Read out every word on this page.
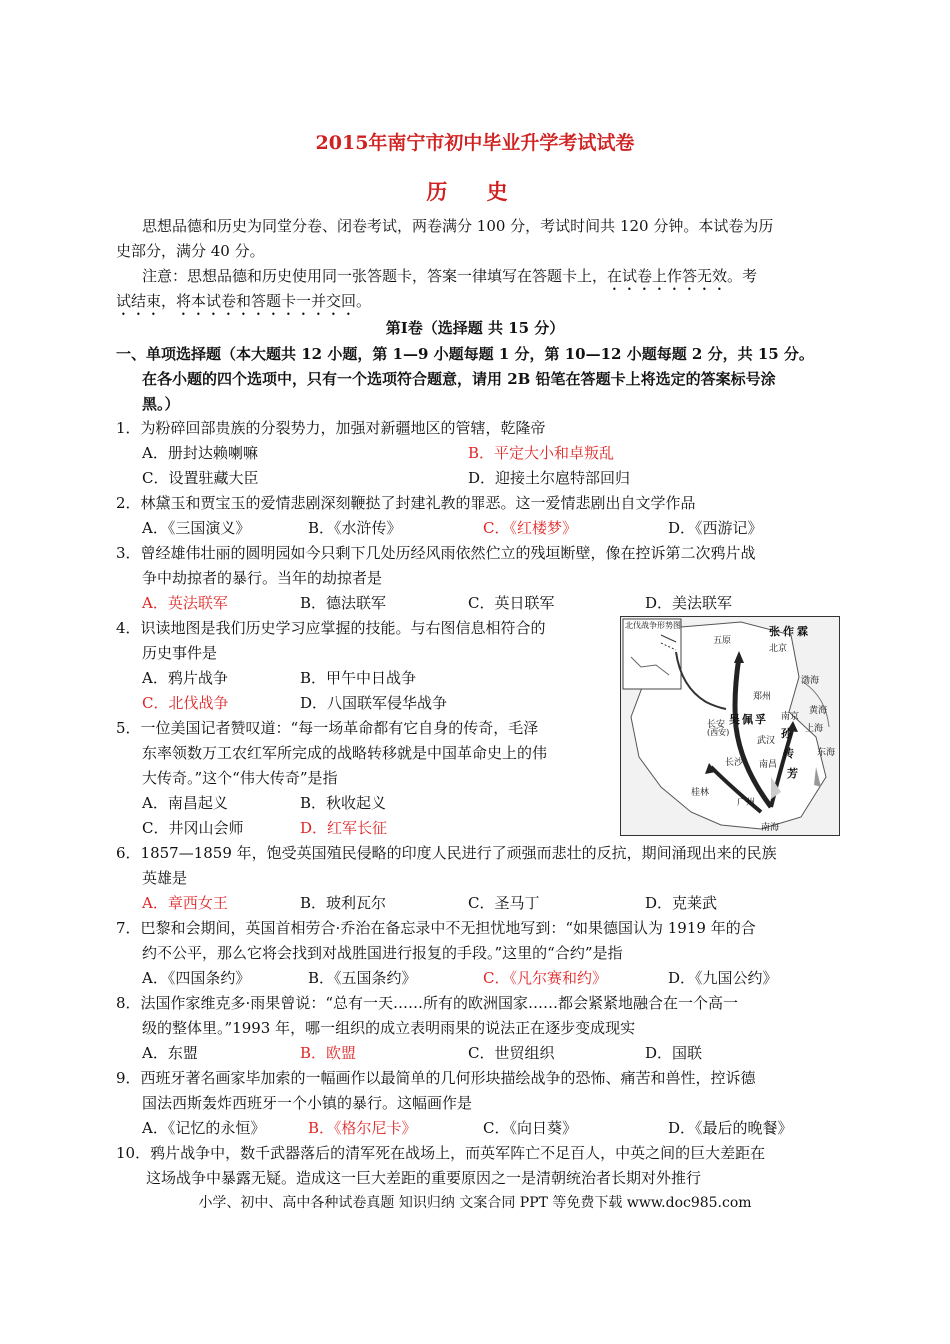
2015年南宁市初中毕业升学考试试卷
历 史
思想品德和历史为同堂分卷、闭卷考试，两卷满分 100 分，考试时间共 120 分钟。本试卷为历
史部分，满分 40 分。
注意：思想品德和历史使用同一张答题卡，答案一律填写在答题卡上，在试卷上作答无效。考
试结束，将本试卷和答题卡一并交回。
第Ⅰ卷（选择题 共 15 分）
一、单项选择题（本大题共 12 小题，第 1—9 小题每题 1 分，第 10—12 小题每题 2 分，共 15 分。
在各小题的四个选项中，只有一个选项符合题意，请用 2B 铅笔在答题卡上将选定的答案标号涂
黑。）
1．为粉碎回部贵族的分裂势力，加强对新疆地区的管辖，乾隆帝
A．册封达赖喇嘛	B．平定大小和卓叛乱
C．设置驻藏大臣	D．迎接土尔扈特部回归
2．林黛玉和贾宝玉的爱情悲剧深刻鞭挞了封建礼教的罪恶。这一爱情悲剧出自文学作品
A．《三国演义》	B．《水浒传》	C．《红楼梦》	D．《西游记》
3．曾经雄伟壮丽的圆明园如今只剩下几处历经风雨依然伫立的残垣断壁，像在控诉第二次鸦片战
争中劫掠者的暴行。当年的劫掠者是
A．英法联军	B．德法联军	C．英日联军	D．美法联军
4．识读地图是我们历史学习应掌握的技能。与右图信息相符合的
历史事件是
A．鸦片战争	B．甲午中日战争
C．北伐战争	D．八国联军侵华战争
北伐战争形势图
五原
张作霖
北京
渤海
郑州
黄海
长安
(西安)
吴佩孚 南京
上海
武汉
孙
传
芳
长沙 南昌
东海
桂林
广州
南海
5．一位美国记者赞叹道：“每一场革命都有它自身的传奇，毛泽
东率领数万工农红军所完成的战略转移就是中国革命史上的伟
大传奇。”这个“伟大传奇”是指
A．南昌起义	B．秋收起义
C．井冈山会师	D．红军长征
6．1857—1859 年，饱受英国殖民侵略的印度人民进行了顽强而悲壮的反抗，期间涌现出来的民族
英雄是
A．章西女王	B．玻利瓦尔	C．圣马丁	D．克莱武
7．巴黎和会期间，英国首相劳合·乔治在备忘录中不无担忧地写到：“如果德国认为 1919 年的合
约不公平，那么它将会找到对战胜国进行报复的手段。”这里的“合约”是指
A．《四国条约》	B．《五国条约》	C．《凡尔赛和约》	D．《九国公约》
8．法国作家维克多·雨果曾说：“总有一天……所有的欧洲国家……都会紧紧地融合在一个高一
级的整体里。”1993 年，哪一组织的成立表明雨果的说法正在逐步变成现实
A．东盟	B．欧盟	C．世贸组织	D．国联
9．西班牙著名画家毕加索的一幅画作以最简单的几何形块描绘战争的恐怖、痛苦和兽性，控诉德
国法西斯轰炸西班牙一个小镇的暴行。这幅画作是
A．《记忆的永恒》	B．《格尔尼卡》	C．《向日葵》	D．《最后的晚餐》
10．鸦片战争中，数千武器落后的清军死在战场上，而英军阵亡不足百人，中英之间的巨大差距在
这场战争中暴露无疑。造成这一巨大差距的重要原因之一是清朝统治者长期对外推行
小学、初中、高中各种试卷真题 知识归纳 文案合同 PPT 等免费下载 www.doc985.com
